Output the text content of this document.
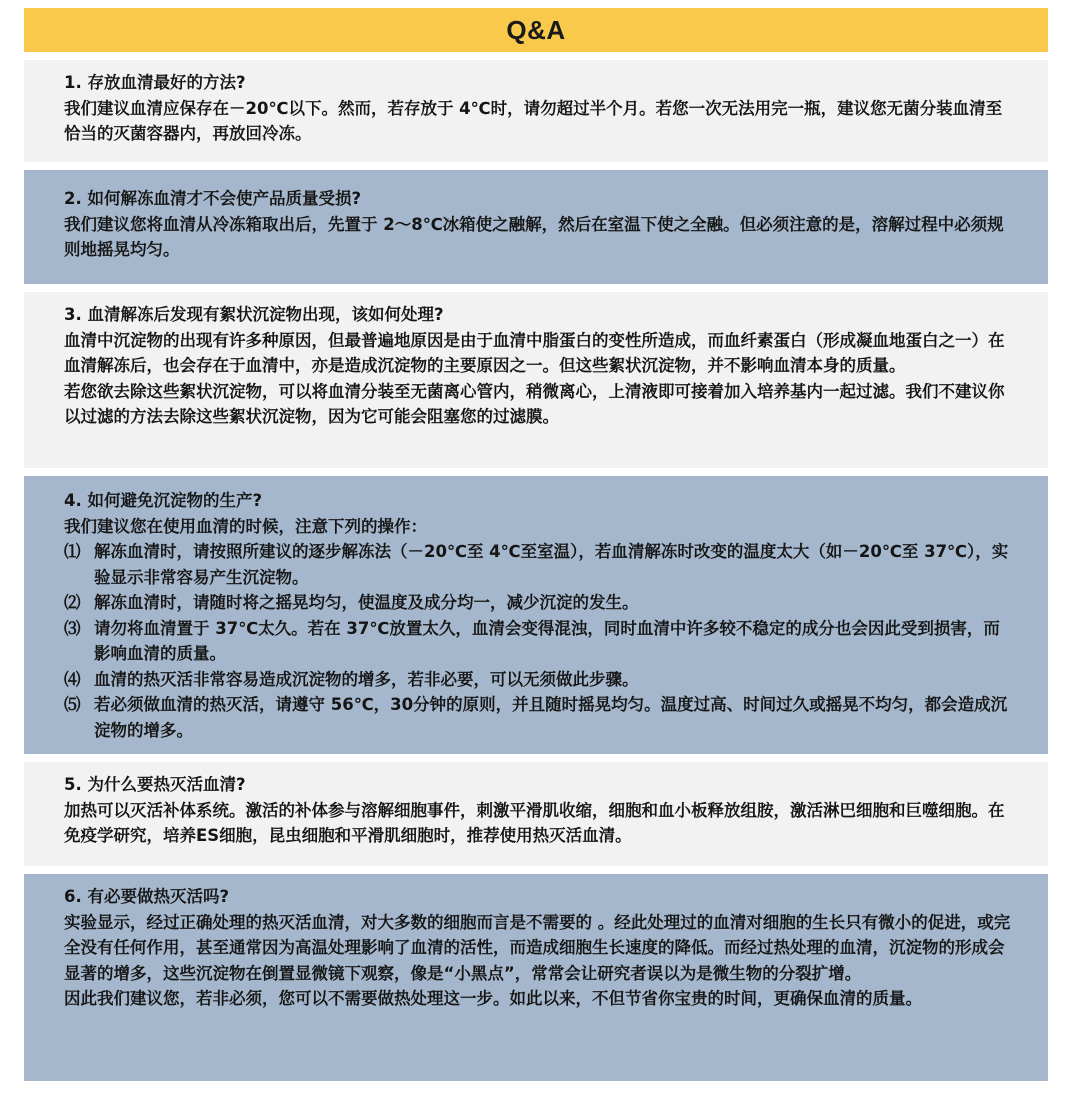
Q&A

1. 存放血清最好的方法?

我们建议血清应保存在－20℃以下。然而，若存放于 4℃时，请勿超过半个月。若您一次无法用完一瓶，建议您无菌分装血清至恰当的灭菌容器内，再放回冷冻。

2. 如何解冻血清才不会使产品质量受损?

我们建议您将血清从冷冻箱取出后，先置于 2～8℃冰箱使之融解，然后在室温下使之全融。但必须注意的是，溶解过程中必须规则地摇晃均匀。

3. 血清解冻后发现有絮状沉淀物出现，该如何处理?

血清中沉淀物的出现有许多种原因，但最普遍地原因是由于血清中脂蛋白的变性所造成，而血纤素蛋白（形成凝血地蛋白之一）在血清解冻后，也会存在于血清中，亦是造成沉淀物的主要原因之一。但这些絮状沉淀物，并不影响血清本身的质量。

若您欲去除这些絮状沉淀物，可以将血清分装至无菌离心管内，稍微离心，上清液即可接着加入培养基内一起过滤。我们不建议你以过滤的方法去除这些絮状沉淀物，因为它可能会阻塞您的过滤膜。

4. 如何避免沉淀物的生产?

我们建议您在使用血清的时候，注意下列的操作：

⑴ 解冻血清时，请按照所建议的逐步解冻法（－20℃至 4℃至室温），若血清解冻时改变的温度太大（如－20℃至 37℃），实验显示非常容易产生沉淀物。
⑵ 解冻血清时，请随时将之摇晃均匀，使温度及成分均一，减少沉淀的发生。
⑶ 请勿将血清置于 37℃太久。若在 37℃放置太久，血清会变得混浊，同时血清中许多较不稳定的成分也会因此受到损害，而影响血清的质量。
⑷ 血清的热灭活非常容易造成沉淀物的增多，若非必要，可以无须做此步骤。
⑸ 若必须做血清的热灭活，请遵守 56℃，30分钟的原则，并且随时摇晃均匀。温度过高、时间过久或摇晃不均匀，都会造成沉淀物的增多。

5. 为什么要热灭活血清?

加热可以灭活补体系统。激活的补体参与溶解细胞事件，刺激平滑肌收缩，细胞和血小板释放组胺，激活淋巴细胞和巨噬细胞。在免疫学研究，培养ES细胞，昆虫细胞和平滑肌细胞时，推荐使用热灭活血清。

6. 有必要做热灭活吗?

实验显示，经过正确处理的热灭活血清，对大多数的细胞而言是不需要的 。经此处理过的血清对细胞的生长只有微小的促进，或完全没有任何作用，甚至通常因为高温处理影响了血清的活性，而造成细胞生长速度的降低。而经过热处理的血清，沉淀物的形成会显著的增多，这些沉淀物在倒置显微镜下观察，像是“小黑点”，常常会让研究者误以为是微生物的分裂扩增。

因此我们建议您，若非必须，您可以不需要做热处理这一步。如此以来，不但节省你宝贵的时间，更确保血清的质量。
